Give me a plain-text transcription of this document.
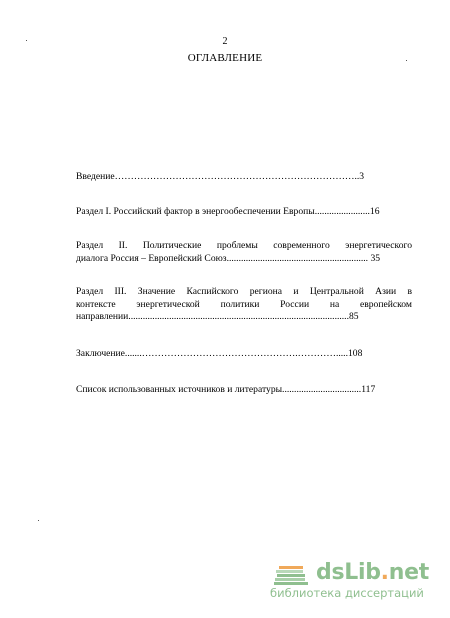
2
ОГЛАВЛЕНИЕ
Введение…………………………………………………………………..3
Раздел I. Российский фактор в энергообеспечении Европы.......................16
Раздел II. Политические проблемы современного энергетического
диалога Россия – Европейский Союз........................................................... 35
Раздел III. Значение Каспийского региона и Центральной Азии в
контексте энергетической политики России на европейском
направлении............................................................................................85
Заключение.......………………………………………….………….....108
Список использованных источников и литературы.................................117
dsLib.net
библиотека диссертаций
